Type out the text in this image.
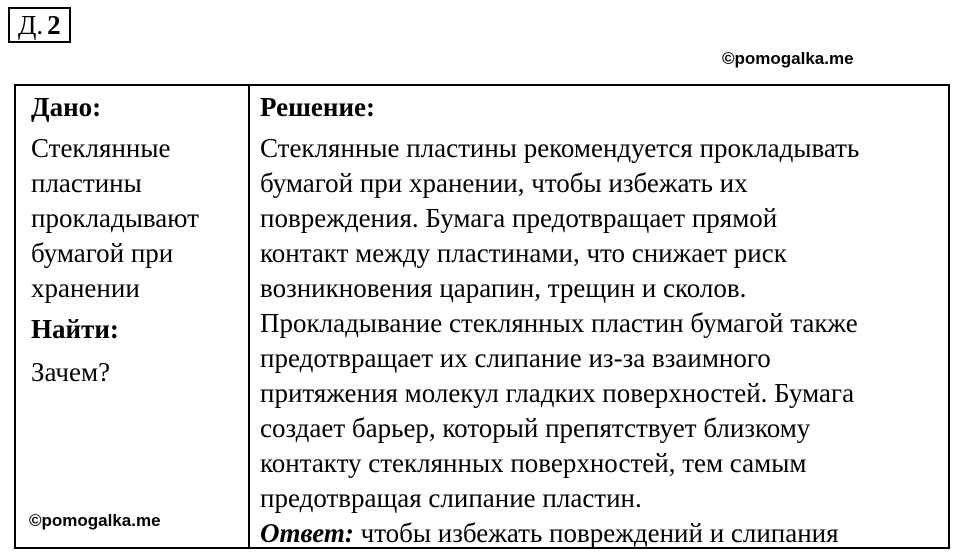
Д. 2
©pomogalka.me
Дано:
Стеклянные
пластины
прокладывают
бумагой при
хранении
Найти:
Зачем?
Решение:
Стеклянные пластины рекомендуется прокладывать
бумагой при хранении, чтобы избежать их
повреждения. Бумага предотвращает прямой
контакт между пластинами, что снижает риск
возникновения царапин, трещин и сколов.
Прокладывание стеклянных пластин бумагой также
предотвращает их слипание из-за взаимного
притяжения молекул гладких поверхностей. Бумага
создает барьер, который препятствует близкому
контакту стеклянных поверхностей, тем самым
предотвращая слипание пластин.
Ответ: чтобы избежать повреждений и слипания
©pomogalka.me
